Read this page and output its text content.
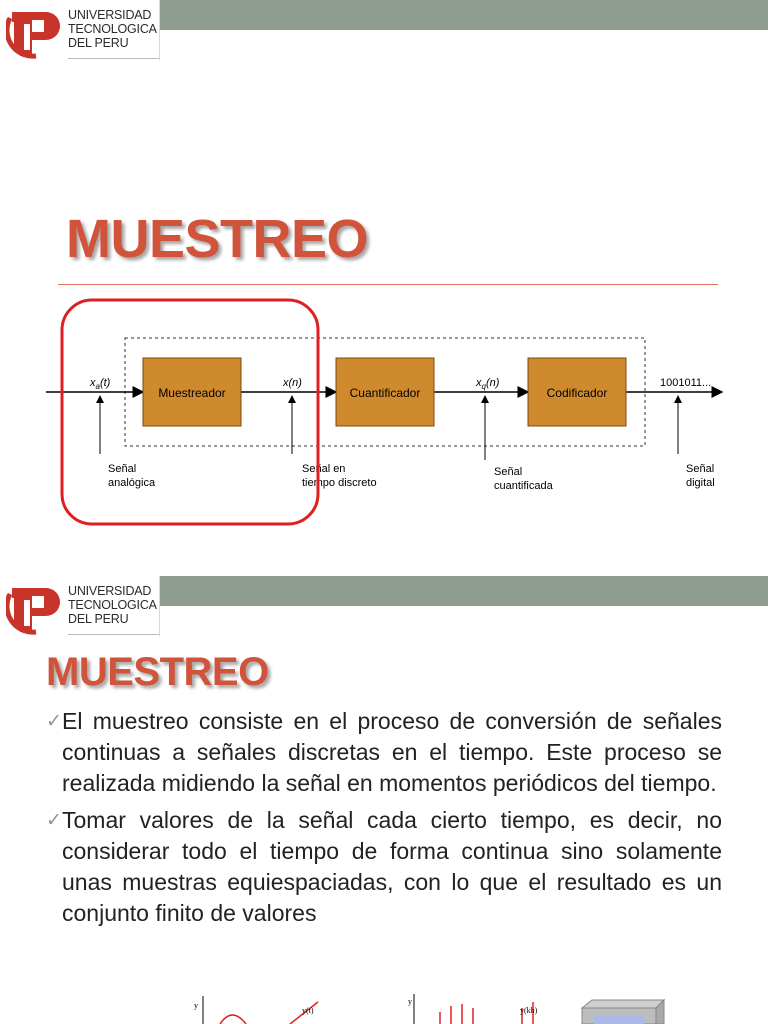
UNIVERSIDAD
TECNOLOGICA
DEL PERU
MUESTREO
Muestreador	Cuantificador	Codificador
$x_a(t)$	x(n)	$x_q(n)$	1001011...
Señal analógica
Señal en tiempo discreto
Señal cuantificada
Señal digital
UNIVERSIDAD
TECNOLOGICA
DEL PERU
MUESTREO
✓ El muestreo consiste en el proceso de conversión de señales continuas a señales discretas en el tiempo. Este proceso se realizada midiendo la señal en momentos periódicos del tiempo.
✓ Tomar valores de la señal cada cierto tiempo, es decir, no considerar todo el tiempo de forma continua sino solamente unas muestras equiespaciadas, con lo que el resultado es un conjunto finito de valores
y
y(t)
y
y(kh)
